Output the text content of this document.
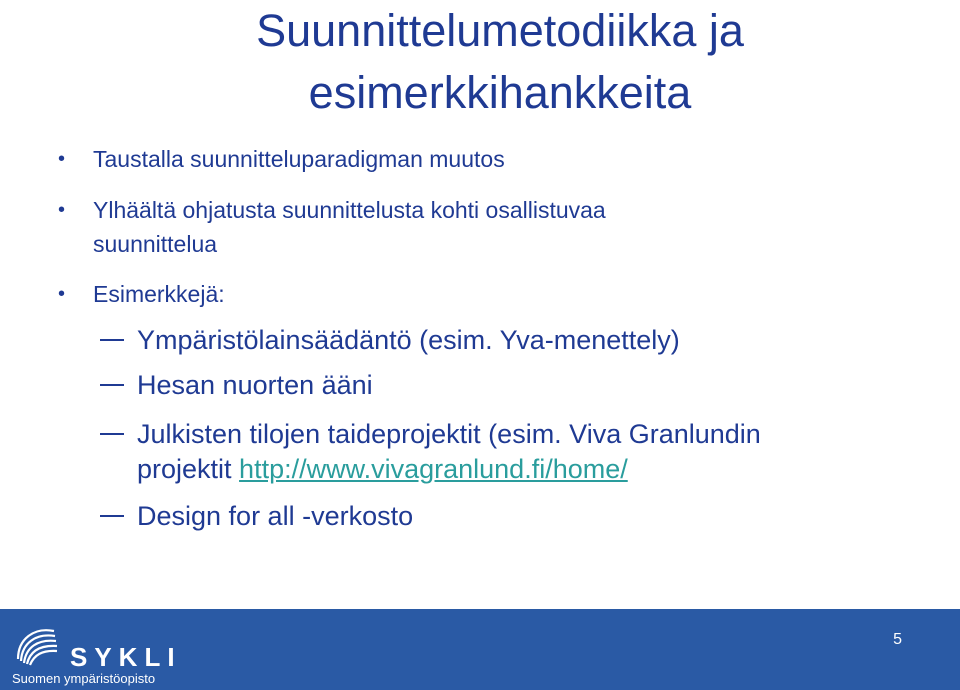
Suunnittelumetodiikka ja
esimerkkihankkeita
• Taustalla suunnitteluparadigman muutos
• Ylhäältä ohjatusta suunnittelusta kohti osallistuvaa
suunnittelua
• Esimerkkejä:
Ympäristölainsäädäntö (esim. Yva-menettely)
Hesan nuorten ääni
Julkisten tilojen taideprojektit (esim. Viva Granlundin
projektit http://www.vivagranlund.fi/home/
Design for all -verkosto
SYKLI
Suomen ympäristöopisto
5
